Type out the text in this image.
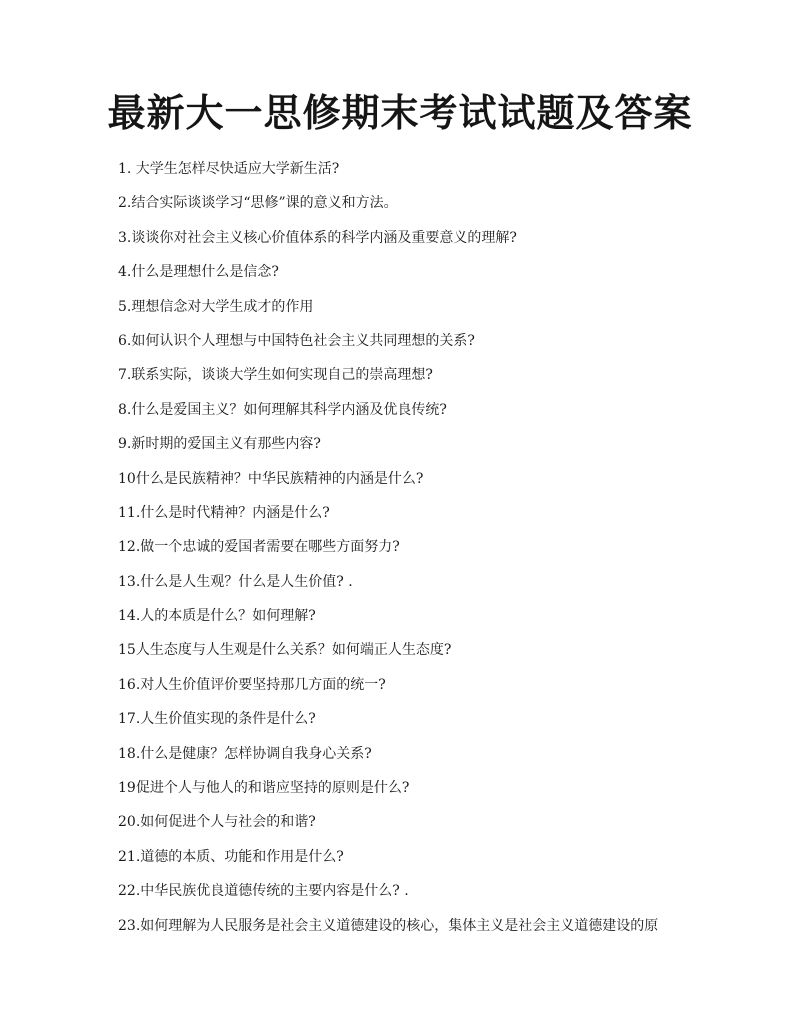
最新大一思修期末考试试题及答案
1. 大学生怎样尽快适应大学新生活?
2.结合实际谈谈学习“思修”课的意义和方法。
3.谈谈你对社会主义核心价值体系的科学内涵及重要意义的理解?
4.什么是理想什么是信念?
5.理想信念对大学生成才的作用
6.如何认识个人理想与中国特色社会主义共同理想的关系?
7.联系实际，谈谈大学生如何实现自己的崇高理想?
8.什么是爱国主义？如何理解其科学内涵及优良传统?
9.新时期的爱国主义有那些内容?
10什么是民族精神？中华民族精神的内涵是什么?
11.什么是时代精神？内涵是什么?
12.做一个忠诚的爱国者需要在哪些方面努力?
13.什么是人生观？什么是人生价值? .
14.人的本质是什么？如何理解?
15人生态度与人生观是什么关系？如何端正人生态度?
16.对人生价值评价要坚持那几方面的统一?
17.人生价值实现的条件是什么?
18.什么是健康？怎样协调自我身心关系?
19促进个人与他人的和谐应坚持的原则是什么?
20.如何促进个人与社会的和谐?
21.道德的本质、功能和作用是什么?
22.中华民族优良道德传统的主要内容是什么? .
23.如何理解为人民服务是社会主义道德建设的核心，集体主义是社会主义道德建设的原
